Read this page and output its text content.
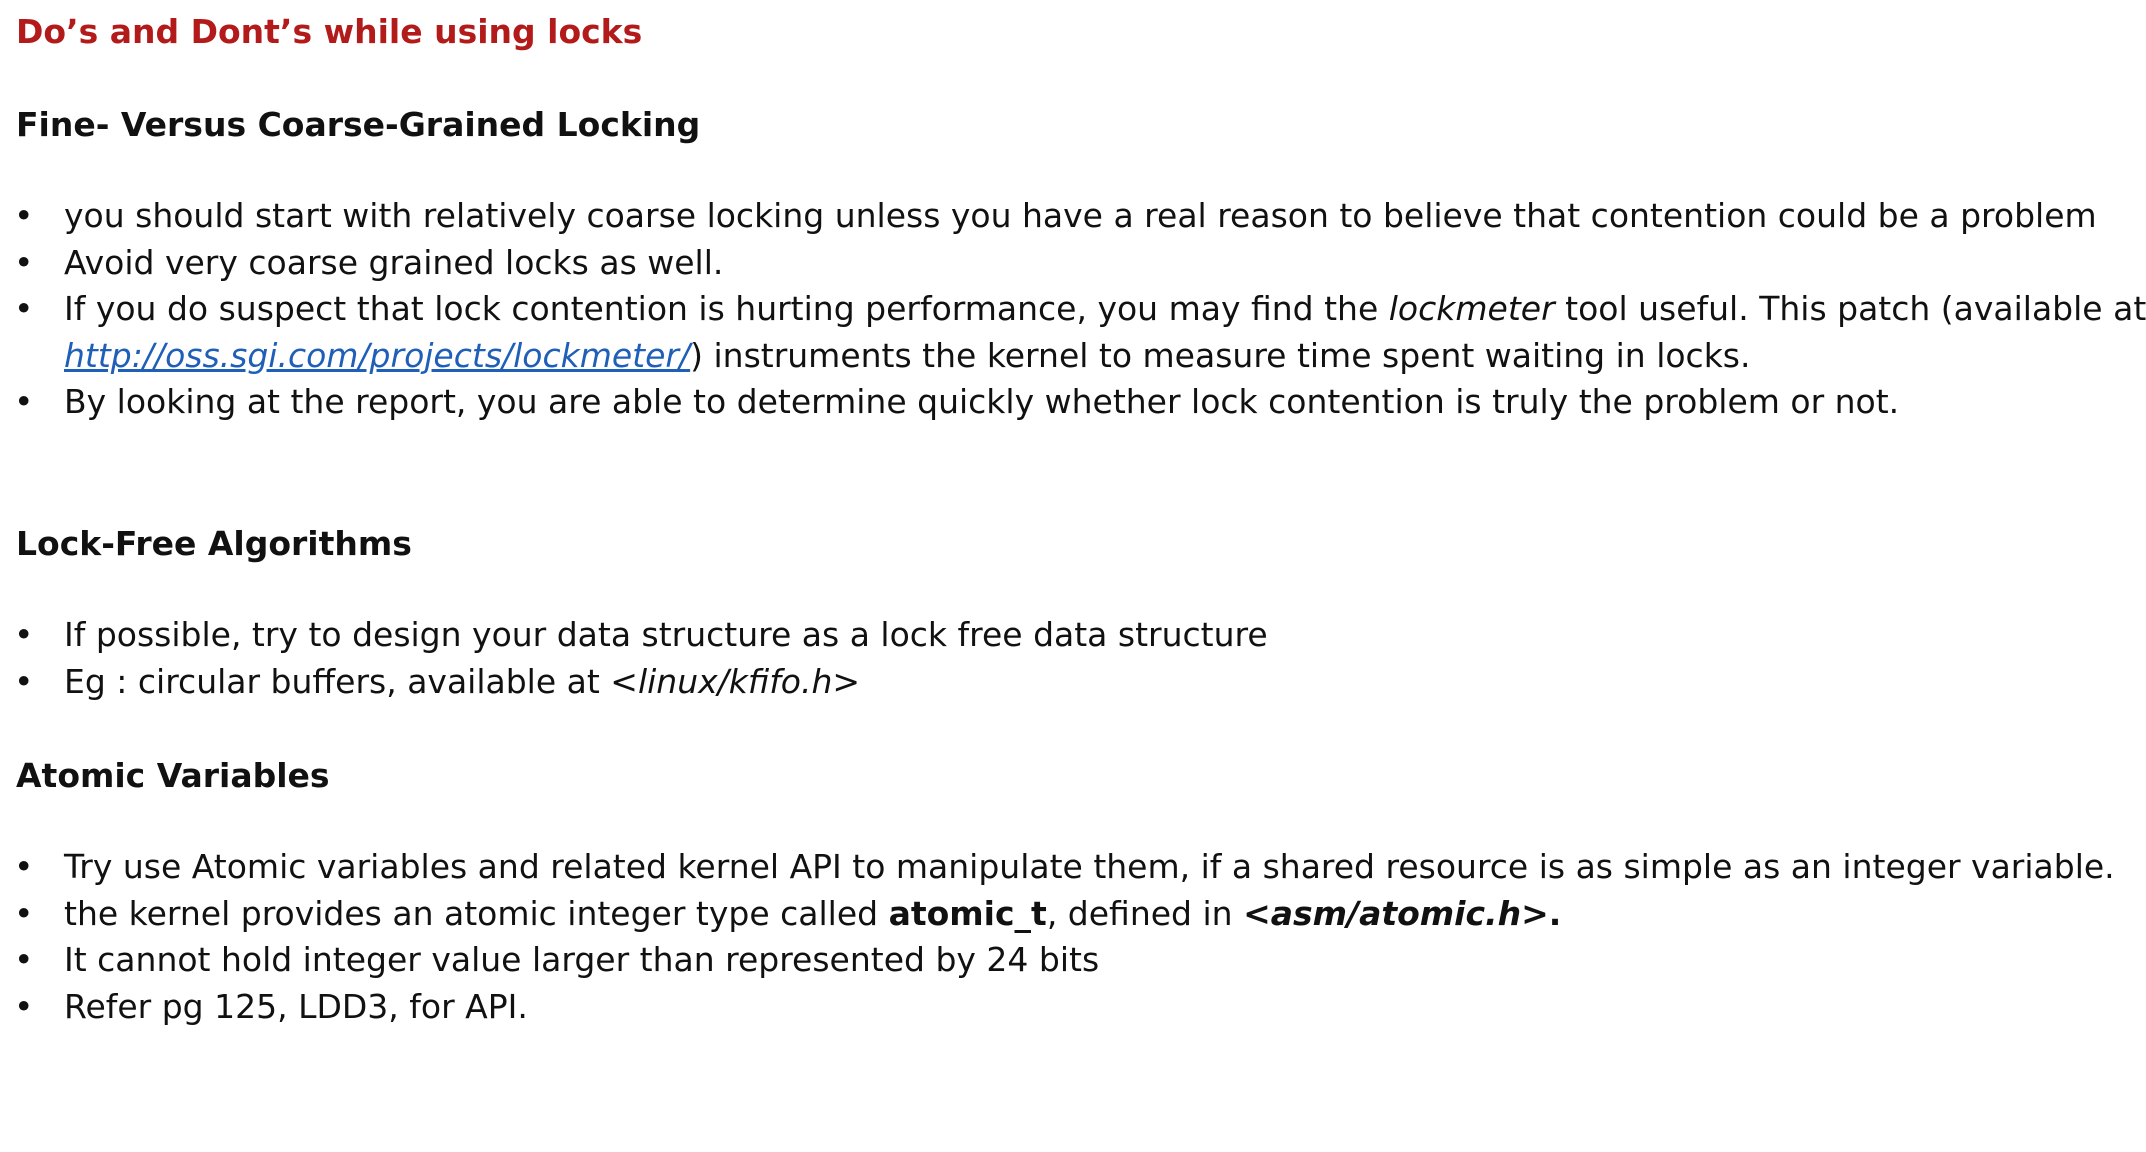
Do’s and Dont’s while using locks
Fine- Versus Coarse-Grained Locking
• you should start with relatively coarse locking unless you have a real reason to believe that contention could be a problem
• Avoid very coarse grained locks as well.
• If you do suspect that lock contention is hurting performance, you may find the lockmeter tool useful. This patch (available at
http://oss.sgi.com/projects/lockmeter/) instruments the kernel to measure time spent waiting in locks.
• By looking at the report, you are able to determine quickly whether lock contention is truly the problem or not.
Lock-Free Algorithms
• If possible, try to design your data structure as a lock free data structure
• Eg : circular buffers, available at <linux/kfifo.h>
Atomic Variables
• Try use Atomic variables and related kernel API to manipulate them, if a shared resource is as simple as an integer variable.
• the kernel provides an atomic integer type called atomic_t, defined in <asm/atomic.h>.
• It cannot hold integer value larger than represented by 24 bits
• Refer pg 125, LDD3, for API.
